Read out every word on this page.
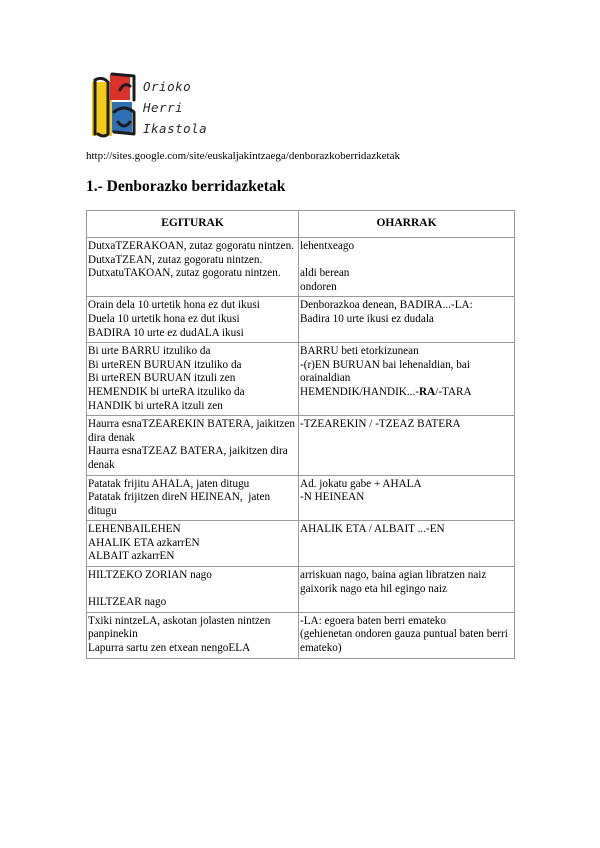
Orioko
Herri
Ikastola
http://sites.google.com/site/euskaljakintzaega/denborazkoberridazketak
1.- Denborazko berridazketak
EGITURAK	OHARRAK

DutxaTZERAKOAN, zutaz gogoratu nintzen.
DutxaTZEAN, zutaz gogoratu nintzen.
DutxatuTAKOAN, zutaz gogoratu nintzen.	lehentxeago
aldi berean
ondoren

Orain dela 10 urtetik hona ez dut ikusi
Duela 10 urtetik hona ez dut ikusi
BADIRA 10 urte ez dudALA ikusi	Denborazkoa denean, BADIRA...-LA:
Badira 10 urte ikusi ez dudala

Bi urte BARRU itzuliko da
Bi urteREN BURUAN itzuliko da
Bi urteREN BURUAN itzuli zen
HEMENDIK bi urteRA itzuliko da
HANDIK bi urteRA itzuli zen	BARRU beti etorkizunean
-(r)EN BURUAN bai lehenaldian, bai orainaldian
HEMENDIK/HANDIK...-RA/-TARA

Haurra esnaTZEAREKIN BATERA, jaikitzen dira denak
Haurra esnaTZEAZ BATERA, jaikitzen dira denak	-TZEAREKIN / -TZEAZ BATERA

Patatak frijitu AHALA, jaten ditugu
Patatak frijitzen direN HEINEAN,  jaten ditugu	Ad. jokatu gabe + AHALA
-N HEINEAN

LEHENBAILEHEN
AHALIK ETA azkarrEN
ALBAIT azkarrEN	AHALIK ETA / ALBAIT ...-EN

HILTZEKO ZORIAN nago
HILTZEAR nago	arriskuan nago, baina agian libratzen naiz
gaixorik nago eta hil egingo naiz

Txiki nintzeLA, askotan jolasten nintzen panpinekin
Lapurra sartu zen etxean nengoELA	-LA: egoera baten berri emateko
(gehienetan ondoren gauza puntual baten berri emateko)
